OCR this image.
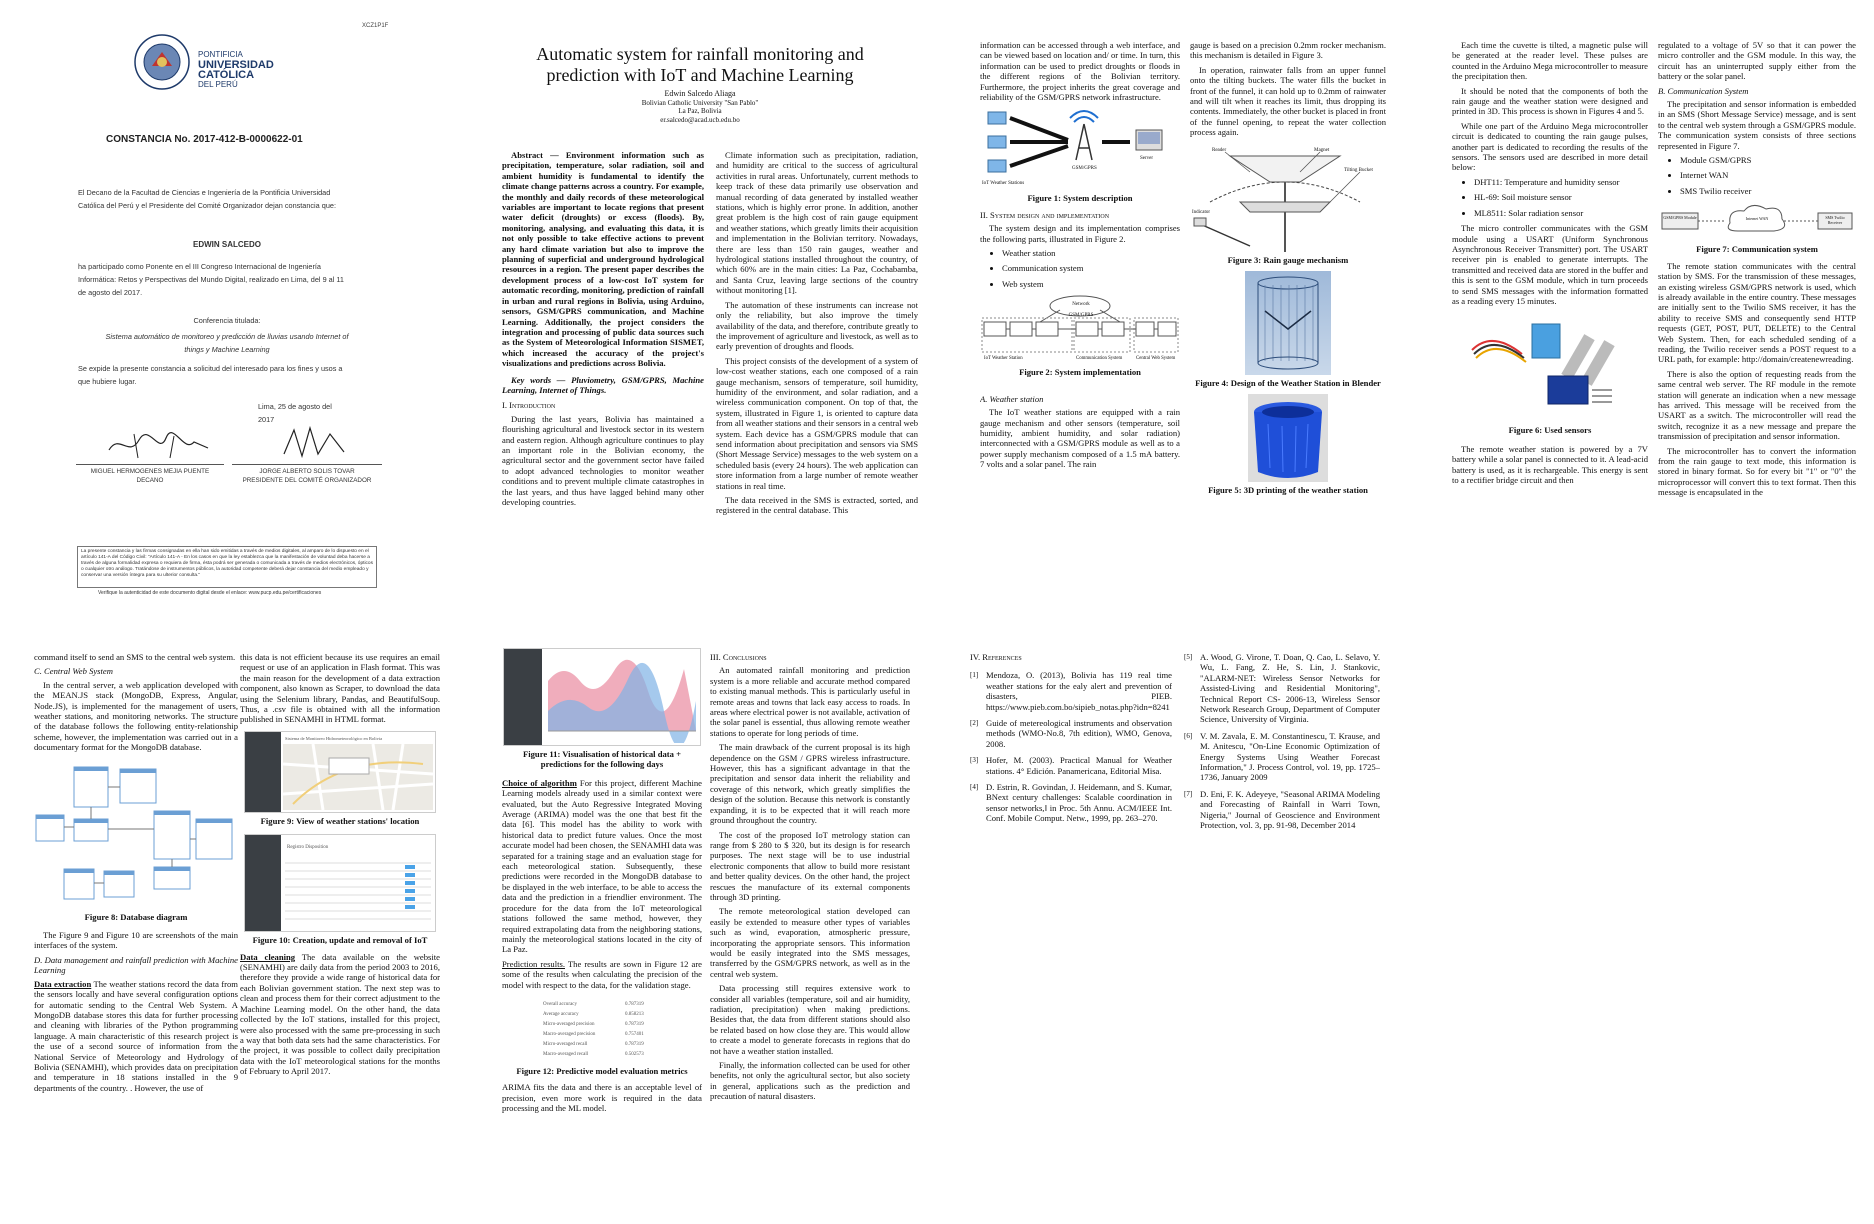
XCZ1P1F
PONTIFICIA
UNIVERSIDAD
CATÓLICA
DEL PERÚ
CONSTANCIA No. 2017-412-B-0000622-01

El Decano de la Facultad de Ciencias e Ingeniería de la Pontificia Universidad Católica del Perú y el Presidente del Comité Organizador dejan constancia que:

EDWIN SALCEDO

ha participado como Ponente en el III Congreso Internacional de Ingeniería Informática: Retos y Perspectivas del Mundo Digital, realizado en Lima, del 9 al 11 de agosto del 2017.

Conferencia titulada:

Sistema automático de monitoreo y predicción de lluvias usando Internet of things y Machine Learning

Se expide la presente constancia a solicitud del interesado para los fines y usos a que hubiere lugar.

Lima, 25 de agosto del 2017

MIGUEL HERMOGENES MEJIA PUENTE
DECANO
JORGE ALBERTO SOLIS TOVAR
PRESIDENTE DEL COMITÉ ORGANIZADOR
La presente constancia y las firmas consignadas en ella han sido emitidas a través de medios digitales, al amparo de lo dispuesto en el artículo 141-A del Código Civil: "Artículo 141-A - En los casos en que la ley establezca que la manifestación de voluntad deba hacerse a través de alguna formalidad expresa o requiera de firma, ésta podrá ser generada o comunicada a través de medios electrónicos, ópticos o cualquier otro análogo. Tratándose de instrumentos públicos, la autoridad competente deberá dejar constancia del medio empleado y conservar una versión íntegra para su ulterior consulta."
Verifique la autenticidad de este documento digital desde el enlace: www.pucp.edu.pe/certificaciones
Automatic system for rainfall monitoring and prediction with IoT and Machine Learning
Edwin Salcedo Aliaga
Bolivian Catholic University "San Pablo"
La Paz, Bolivia
er.salcedo@acad.ucb.edu.bo

Abstract — Environment information such as precipitation, temperature, solar radiation, soil and ambient humidity is fundamental to identify the climate change patterns across a country. For example, the monthly and daily records of these meteorological variables are important to locate regions that present water deficit (droughts) or excess (floods). By, monitoring, analysing, and evaluating this data, it is not only possible to take effective actions to prevent any hard climate variation but also to improve the planning of superficial and underground hydrological resources in a region. The present paper describes the development process of a low-cost IoT system for automatic recording, monitoring, prediction of rainfall in urban and rural regions in Bolivia, using Arduino, sensors, GSM/GPRS communication, and Machine Learning. Additionally, the project considers the integration and processing of public data sources such as the System of Meteorological Information SISMET, which increased the accuracy of the project's visualizations and predictions across Bolivia.

Key words — Pluviometry, GSM/GPRS, Machine Learning, Internet of Things.

I. Introduction

During the last years, Bolivia has maintained a flourishing agricultural and livestock sector in its western and eastern region. Although agriculture continues to play an important role in the Bolivian economy, the agricultural sector and the government sector have failed to adopt advanced technologies to monitor weather conditions and to prevent multiple climate catastrophes in the last years, and thus have lagged behind many other developing countries.

Climate information such as precipitation, radiation, and humidity are critical to the success of agricultural activities in rural areas. Unfortunately, current methods to keep track of these data primarily use observation and manual recording of data generated by installed weather stations, which is highly error prone. In addition, another great problem is the high cost of rain gauge equipment and weather stations, which greatly limits their acquisition and implementation in the Bolivian territory. Nowadays, there are less than 150 rain gauges, weather and hydrological stations installed throughout the country, of which 60% are in the main cities: La Paz, Cochabamba, and Santa Cruz, leaving large sections of the country without monitoring [1].

The automation of these instruments can increase not only the reliability, but also improve the timely availability of the data, and therefore, contribute greatly to the improvement of agriculture and livestock, as well as to early prevention of droughts and floods.

This project consists of the development of a system of low-cost weather stations, each one composed of a rain gauge mechanism, sensors of temperature, soil humidity, humidity of the environment, and solar radiation, and a wireless communication component. On top of that, the system, illustrated in Figure 1, is oriented to capture data from all weather stations and their sensors in a central web system. Each device has a GSM/GPRS module that can send information about precipitation and sensors via SMS (Short Message Service) messages to the web system on a scheduled basis (every 24 hours). The web application can store information from a large number of remote weather stations in real time.

The data received in the SMS is extracted, sorted, and registered in the central database. This

information can be accessed through a web interface, and can be viewed based on location and/ or time. In turn, this information can be used to predict droughts or floods in the different regions of the Bolivian territory. Furthermore, the project inherits the great coverage and reliability of the GSM/GPRS network infrastructure.

IoT Weather Stations
GSM/GPRS
Server
Figure 1: System description
II. System design and implementation

The system design and its implementation comprises the following parts, illustrated in Figure 2.

• Weather station
• Communication system
• Web system
Network GSM/GPRS
IoT Weather Station	Communication System	Central Web System
Figure 2: System implementation
A. Weather station

The IoT weather stations are equipped with a rain gauge mechanism and other sensors (temperature, soil humidity, ambient humidity, and solar radiation) interconnected with a GSM/GPRS module as well as to a power supply mechanism composed of a 1.5 mA battery. 7 volts and a solar panel. The rain

gauge is based on a precision 0.2mm rocker mechanism. this mechanism is detailed in Figure 3.

In operation, rainwater falls from an upper funnel onto the tilting buckets. The water fills the bucket in front of the funnel, it can hold up to 0.2mm of rainwater and will tilt when it reaches its limit, thus dropping its contents. Immediately, the other bucket is placed in front of the funnel opening, to repeat the water collection process again.

Reader	Magnet
Tilting Bucket
Indicator
Figure 3: Rain gauge mechanism
Figure 4: Design of the Weather Station in Blender
Figure 5: 3D printing of the weather station

Each time the cuvette is tilted, a magnetic pulse will be generated at the reader level. These pulses are counted in the Arduino Mega microcontroller to measure the precipitation then.

It should be noted that the components of both the rain gauge and the weather station were designed and printed in 3D. This process is shown in Figures 4 and 5.

While one part of the Arduino Mega microcontroller circuit is dedicated to counting the rain gauge pulses, another part is dedicated to recording the results of the sensors. The sensors used are described in more detail below:

• DHT11: Temperature and humidity sensor
• HL-69: Soil moisture sensor
• ML8511: Solar radiation sensor

The micro controller communicates with the GSM module using a USART (Uniform Synchronous Asynchronous Receiver Transmitter) port. The USART receiver pin is enabled to generate interrupts. The transmitted and received data are stored in the buffer and this is sent to the GSM module, which in turn proceeds to send SMS messages with the information formatted as a reading every 15 minutes.

Figure 6: Used sensors

The remote weather station is powered by a 7V battery while a solar panel is connected to it. A lead-acid battery is used, as it is rechargeable. This energy is sent to a rectifier bridge circuit and then

regulated to a voltage of 5V so that it can power the micro controller and the GSM module. In this way, the circuit has an uninterrupted supply either from the battery or the solar panel.

B. Communication System

The precipitation and sensor information is embedded in an SMS (Short Message Service) message, and is sent to the central web system through a GSM/GPRS module. The communication system consists of three sections represented in Figure 7.

• Module GSM/GPRS
• Internet WAN
• SMS Twilio receiver
GSM/GPRS Module	Internet WAN	SMS Twilio Receiver
Figure 7: Communication system

The remote station communicates with the central station by SMS. For the transmission of these messages, an existing wireless GSM/GPRS network is used, which is already available in the entire country. These messages are initially sent to the Twilio SMS receiver, it has the ability to receive SMS and consequently send HTTP requests (GET, POST, PUT, DELETE) to the Central Web System. Then, for each scheduled sending of a reading, the Twilio receiver sends a POST request to a URL path, for example: http://domain/createnewreading.

There is also the option of requesting reads from the same central web server. The RF module in the remote station will generate an indication when a new message has arrived. This message will be received from the USART as a switch. The microcontroller will read the switch, recognize it as a new message and prepare the transmission of precipitation and sensor information.

The microcontroller has to convert the information from the rain gauge to text mode, this information is stored in binary format. So for every bit "1" or "0" the microprocessor will convert this to text format. Then this message is encapsulated in the

command itself to send an SMS to the central web system.

C. Central Web System

In the central server, a web application developed with the MEAN.JS stack (MongoDB, Express, Angular, Node.JS), is implemented for the management of users, weather stations, and monitoring networks. The structure of the database follows the following entity-relationship scheme, however, the implementation was carried out in a documentary format for the MongoDB database.

Figure 8: Database diagram

The Figure 9 and Figure 10 are screenshots of the main interfaces of the system.

D. Data management and rainfall prediction with Machine Learning

Data extraction The weather stations record the data from the sensors locally and have several configuration options for automatic sending to the Central Web System. A MongoDB database stores this data for further processing and cleaning with libraries of the Python programming language. A main characteristic of this research project is the use of a second source of information from the National Service of Meteorology and Hydrology of Bolivia (SENAMHI), which provides data on precipitation and temperature in 18 stations installed in the 9 departments of the country. . However, the use of

this data is not efficient because its use requires an email request or use of an application in Flash format. This was the main reason for the development of a data extraction component, also known as Scraper, to download the data using the Selenium library, Pandas, and BeautifulSoup. Thus, a .csv file is obtained with all the information published in SENAMHI in HTML format.

Sistema de Monitoreo Hidrometeorológico en Bolivia
Figure 9: View of weather stations' location
Registro Disposition
Figure 10: Creation, update and removal of IoT

Data cleaning The data available on the website (SENAMHI) are daily data from the period 2003 to 2016, therefore they provide a wide range of historical data for each Bolivian government station. The next step was to clean and process them for their correct adjustment to the Machine Learning model. On the other hand, the data collected by the IoT stations, installed for this project, were also processed with the same pre-processing in such a way that both data sets had the same characteristics. For the project, it was possible to collect daily precipitation data with the IoT meteorological stations for the months of February to April 2017.

Figure 11: Visualisation of historical data + predictions for the following days

Choice of algorithm For this project, different Machine Learning models already used in a similar context were evaluated, but the Auto Regressive Integrated Moving Average (ARIMA) model was the one that best fit the data [6]. This model has the ability to work with historical data to predict future values. Once the most accurate model had been chosen, the SENAMHI data was separated for a training stage and an evaluation stage for each meteorological station. Subsequently, these predictions were recorded in the MongoDB database to be displayed in the web interface, to be able to access the data and the prediction in a friendlier environment. The procedure for the data from the IoT meteorological stations followed the same method, however, they required extrapolating data from the neighboring stations, mainly the meteorological stations located in the city of La Paz.

Prediction results. The results are sown in Figure 12 are some of the results when calculating the precision of the model with respect to the data, for the validation stage.

Overall accuracy	0.787319
Average accuracy	0.858213
Micro-averaged precision	0.787319
Macro-averaged precision	0.757401
Micro-averaged recall	0.787319
Macro-averaged recall	0.502573
Figure 12: Predictive model evaluation metrics

ARIMA fits the data and there is an acceptable level of precision, even more work is required in the data processing and the ML model.

III. Conclusions

An automated rainfall monitoring and prediction system is a more reliable and accurate method compared to existing manual methods. This is particularly useful in remote areas and towns that lack easy access to roads. In areas where electrical power is not available, activation of the solar panel is essential, thus allowing remote weather stations to operate for long periods of time.

The main drawback of the current proposal is its high dependence on the GSM / GPRS wireless infrastructure. However, this has a significant advantage in that the precipitation and sensor data inherit the reliability and coverage of this network, which greatly simplifies the design of the solution. Because this network is constantly expanding, it is to be expected that it will reach more ground throughout the country.

The cost of the proposed IoT metrology station can range from $ 280 to $ 320, but its design is for research purposes. The next stage will be to use industrial electronic components that allow to build more resistant and better quality devices. On the other hand, the project rescues the manufacture of its external components through 3D printing.

The remote meteorological station developed can easily be extended to measure other types of variables such as wind, evaporation, atmospheric pressure, incorporating the appropriate sensors. This information would be easily integrated into the SMS messages, transferred by the GSM/GPRS network, as well as in the central web system.

Data processing still requires extensive work to consider all variables (temperature, soil and air humidity, radiation, precipitation) when making predictions. Besides that, the data from different stations should also be related based on how close they are. This would allow to create a model to generate forecasts in regions that do not have a weather station installed.

Finally, the information collected can be used for other benefits, not only the agricultural sector, but also society in general, applications such as the prediction and precaution of natural disasters.

IV. References
[1] Mendoza, O. (2013), Bolivia has 119 real time weather stations for the ealy alert and prevention of disasters, PIEB. https://www.pieb.com.bo/sipieb_notas.php?idn=8241
[2] Guide of metereological instruments and observation methods (WMO-No.8, 7th edition), WMO, Genova, 2008.
[3] Hofer, M. (2003). Practical Manual for Weather stations. 4° Edición. Panamericana, Editorial Misa.
[4] D. Estrin, R. Govindan, J. Heidemann, and S. Kumar, BNext century challenges: Scalable coordination in sensor networks,‖ in Proc. 5th Annu. ACM/IEEE Int. Conf. Mobile Comput. Netw., 1999, pp. 263–270.
[5] A. Wood, G. Virone, T. Doan, Q. Cao, L. Selavo, Y. Wu, L. Fang, Z. He, S. Lin, J. Stankovic, "ALARM-NET: Wireless Sensor Networks for Assisted-Living and Residential Monitoring", Technical Report CS- 2006-13, Wireless Sensor Network Research Group, Department of Computer Science, University of Virginia.
[6] V. M. Zavala, E. M. Constantinescu, T. Krause, and M. Anitescu, "On-Line Economic Optimization of Energy Systems Using Weather Forecast Information," J. Process Control, vol. 19, pp. 1725–1736, January 2009
[7] D. Eni, F. K. Adeyeye, "Seasonal ARIMA Modeling and Forecasting of Rainfall in Warri Town, Nigeria," Journal of Geoscience and Environment Protection, vol. 3, pp. 91-98, December 2014
